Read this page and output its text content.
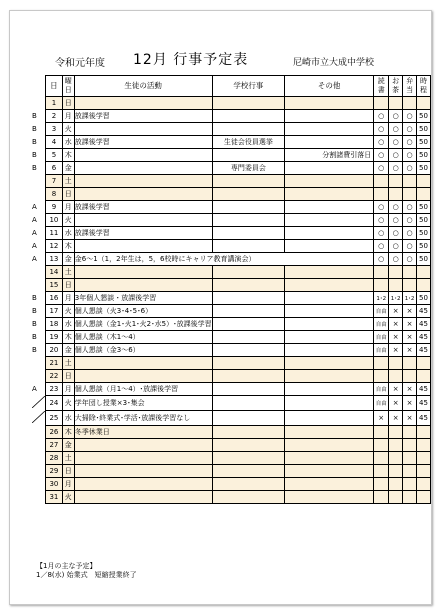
令和元年度 12月 行事予定表	尼崎市立大成中学校
	日	曜日	生徒の活動	学校行事	その他	読書	お茶	弁当	時程
	1	日							
B	2	月	放課後学習			○	○	○	50
B	3	火				○	○	○	50
B	4	水	放課後学習	生徒会役員選挙		○	○	○	50
B	5	木			分割諸費引落日	○	○	○	50
B	6	金		専門委員会		○	○	○	50
	7	土							
	8	日							
A	9	月	放課後学習			○	○	○	50
A	10	火				○	○	○	50
A	11	水	放課後学習			○	○	○	50
A	12	木				○	○	○	50
A	13	金	金6～1（1，2年生は，5，6校時にキャリア教育講演会）			○	○	○	50
	14	土							
	15	日							
B	16	月	3年個人懇談・放課後学習			1･2	1･2	1･2	50
B	17	火	個人懇談（火3･4･5･6）			自由	×	×	45
B	18	水	個人懇談（金1･火1･火2･水5）･放課後学習			自由	×	×	45
B	19	木	個人懇談（木1～4）			自由	×	×	45
B	20	金	個人懇談（金3～6）			自由	×	×	45
	21	土							
	22	日							
A	23	月	個人懇談（月1～4）･放課後学習			自由	×	×	45
	24	火	学年団し授業×3･集会			自由	×	×	45
	25	水	大掃除･終業式･学活･放課後学習なし			×	×	×	45
	26	木	冬季休業日						
	27	金							
	28	土							
	29	日							
	30	月							
	31	火							
【1月の主な予定】
1／8(水) 始業式　短縮授業終了
